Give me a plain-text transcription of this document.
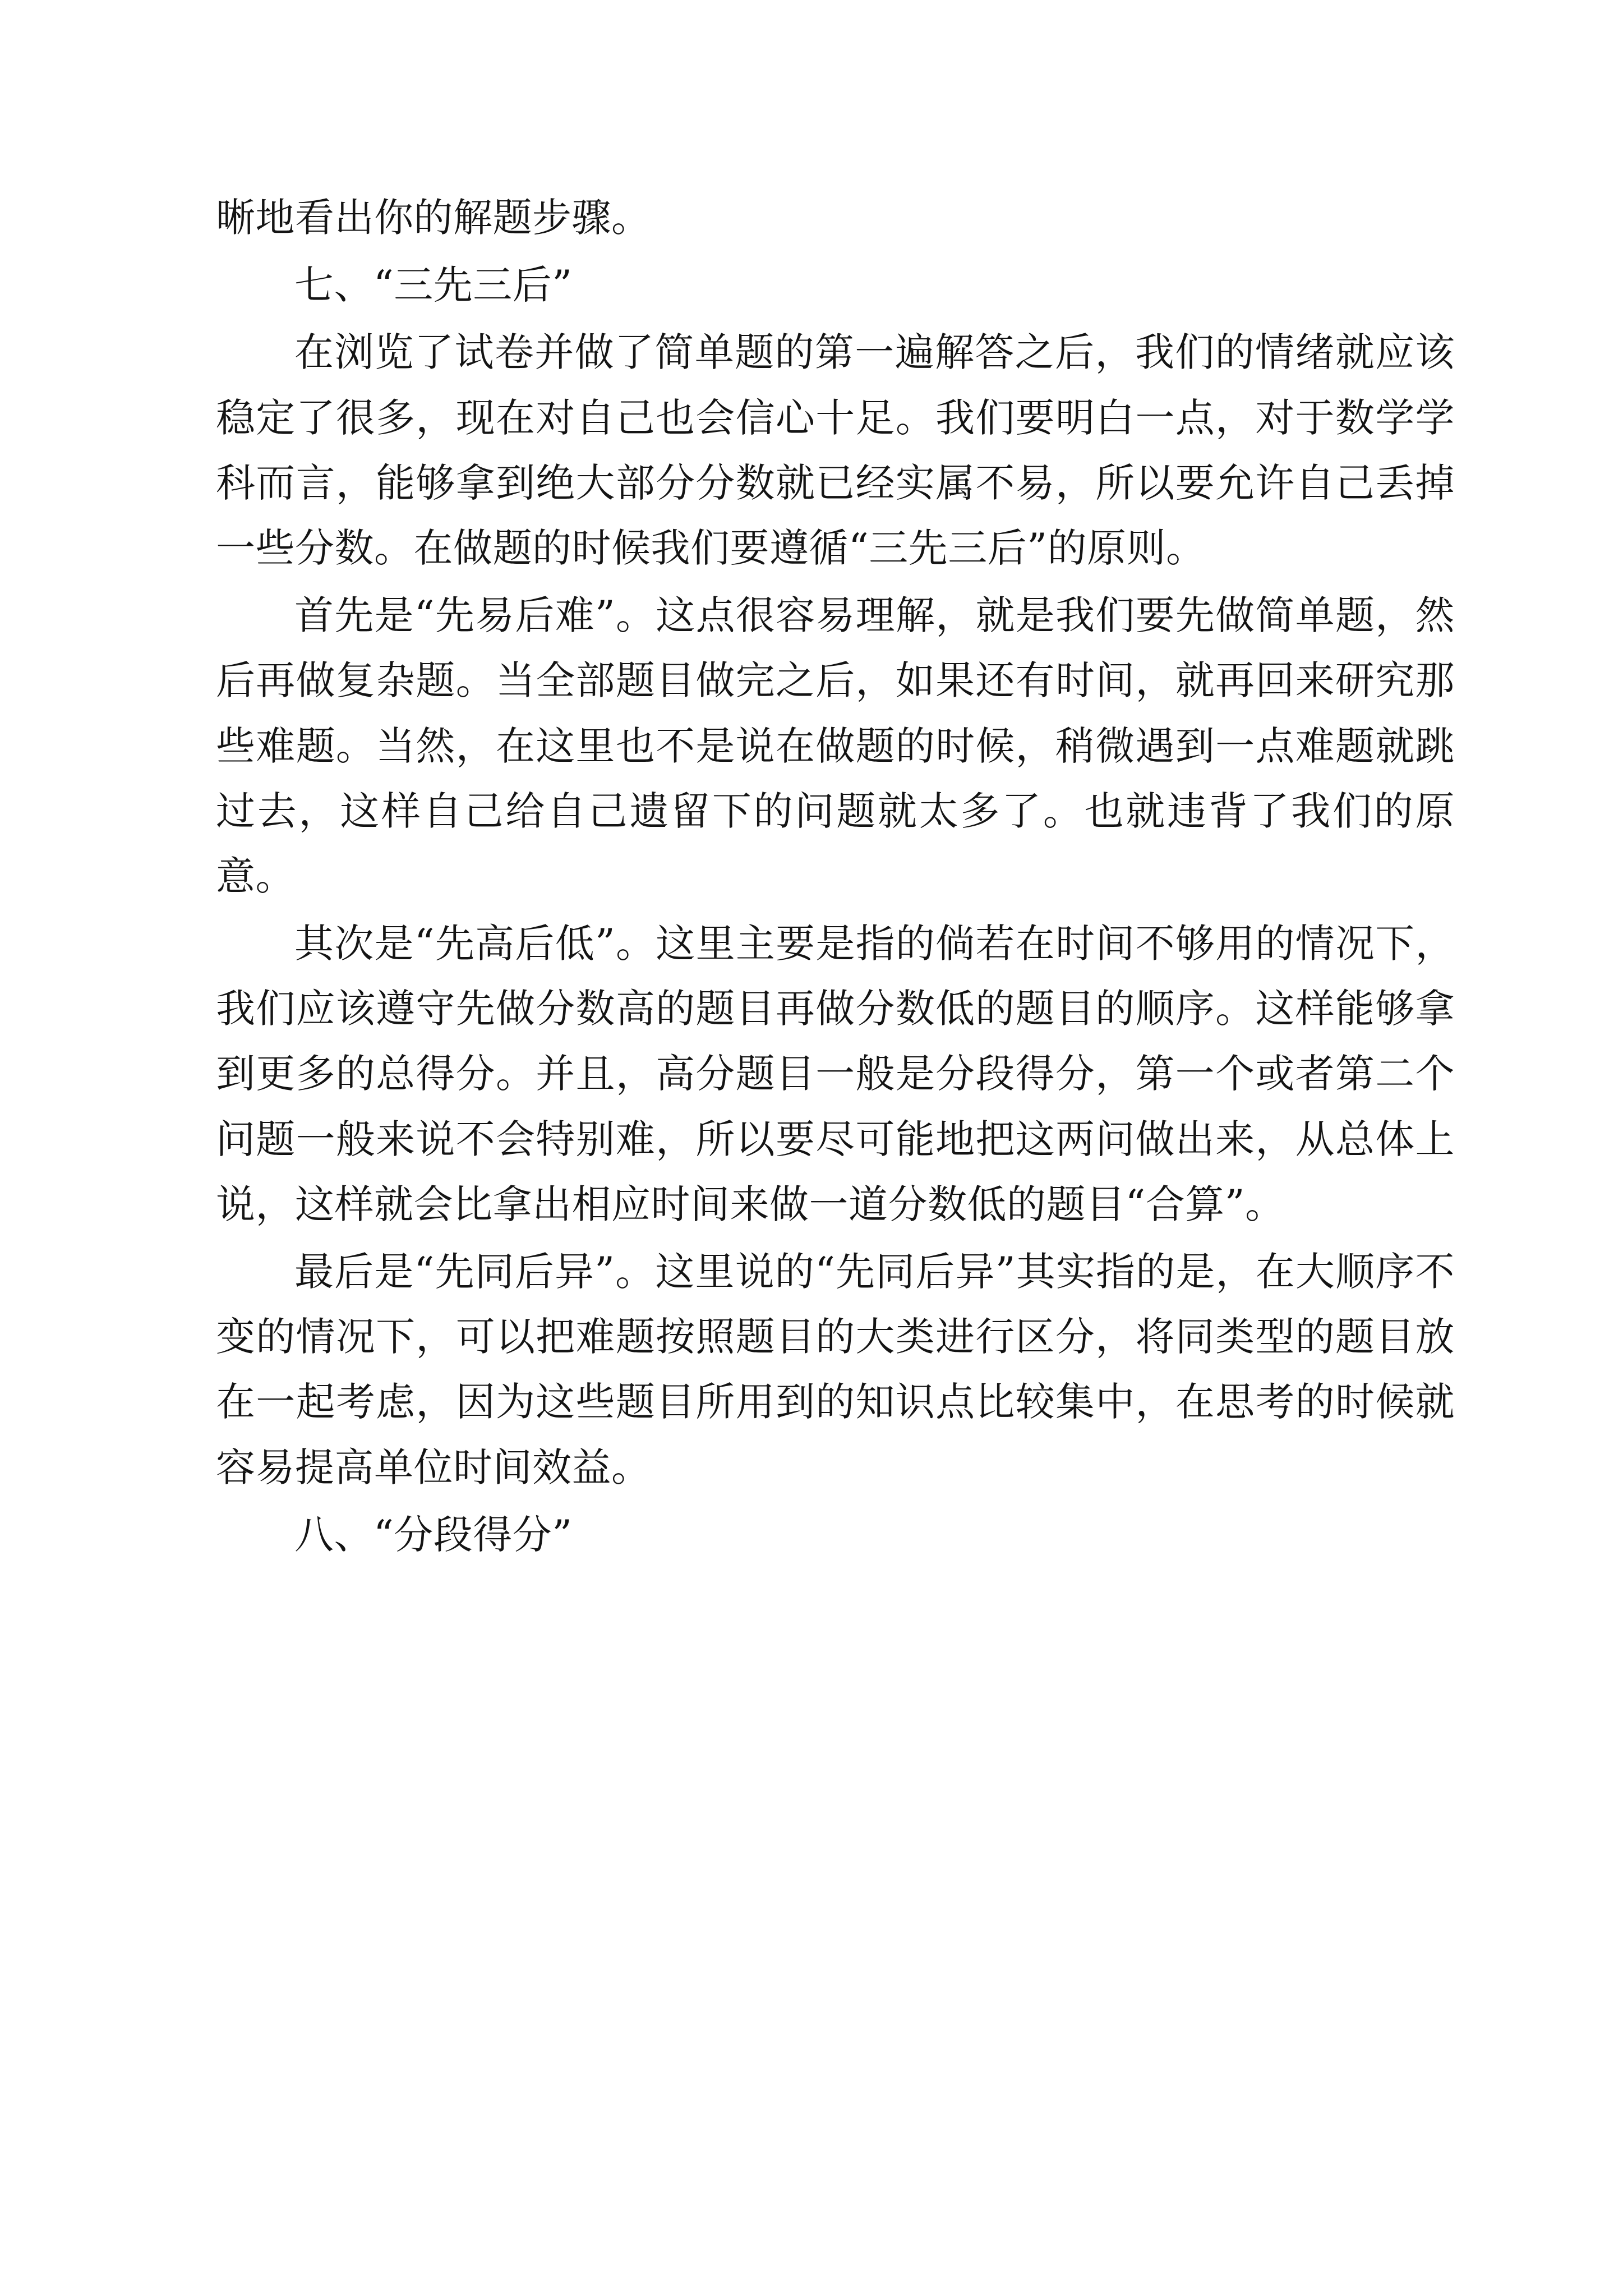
晰地看出你的解题步骤。

七、“三先三后”

在浏览了试卷并做了简单题的第一遍解答之后，我们的情绪就应该稳定了很多，现在对自己也会信心十足。我们要明白一点，对于数学学科而言，能够拿到绝大部分分数就已经实属不易，所以要允许自己丢掉一些分数。在做题的时候我们要遵循“三先三后”的原则。

首先是“先易后难”。这点很容易理解，就是我们要先做简单题，然后再做复杂题。当全部题目做完之后，如果还有时间，就再回来研究那些难题。当然，在这里也不是说在做题的时候，稍微遇到一点难题就跳过去，这样自己给自己遗留下的问题就太多了。也就违背了我们的原意。

其次是“先高后低”。这里主要是指的倘若在时间不够用的情况下，我们应该遵守先做分数高的题目再做分数低的题目的顺序。这样能够拿到更多的总得分。并且，高分题目一般是分段得分，第一个或者第二个问题一般来说不会特别难，所以要尽可能地把这两问做出来，从总体上说，这样就会比拿出相应时间来做一道分数低的题目“合算”。

最后是“先同后异”。这里说的“先同后异”其实指的是，在大顺序不变的情况下，可以把难题按照题目的大类进行区分，将同类型的题目放在一起考虑，因为这些题目所用到的知识点比较集中，在思考的时候就容易提高单位时间效益。

八、“分段得分”
